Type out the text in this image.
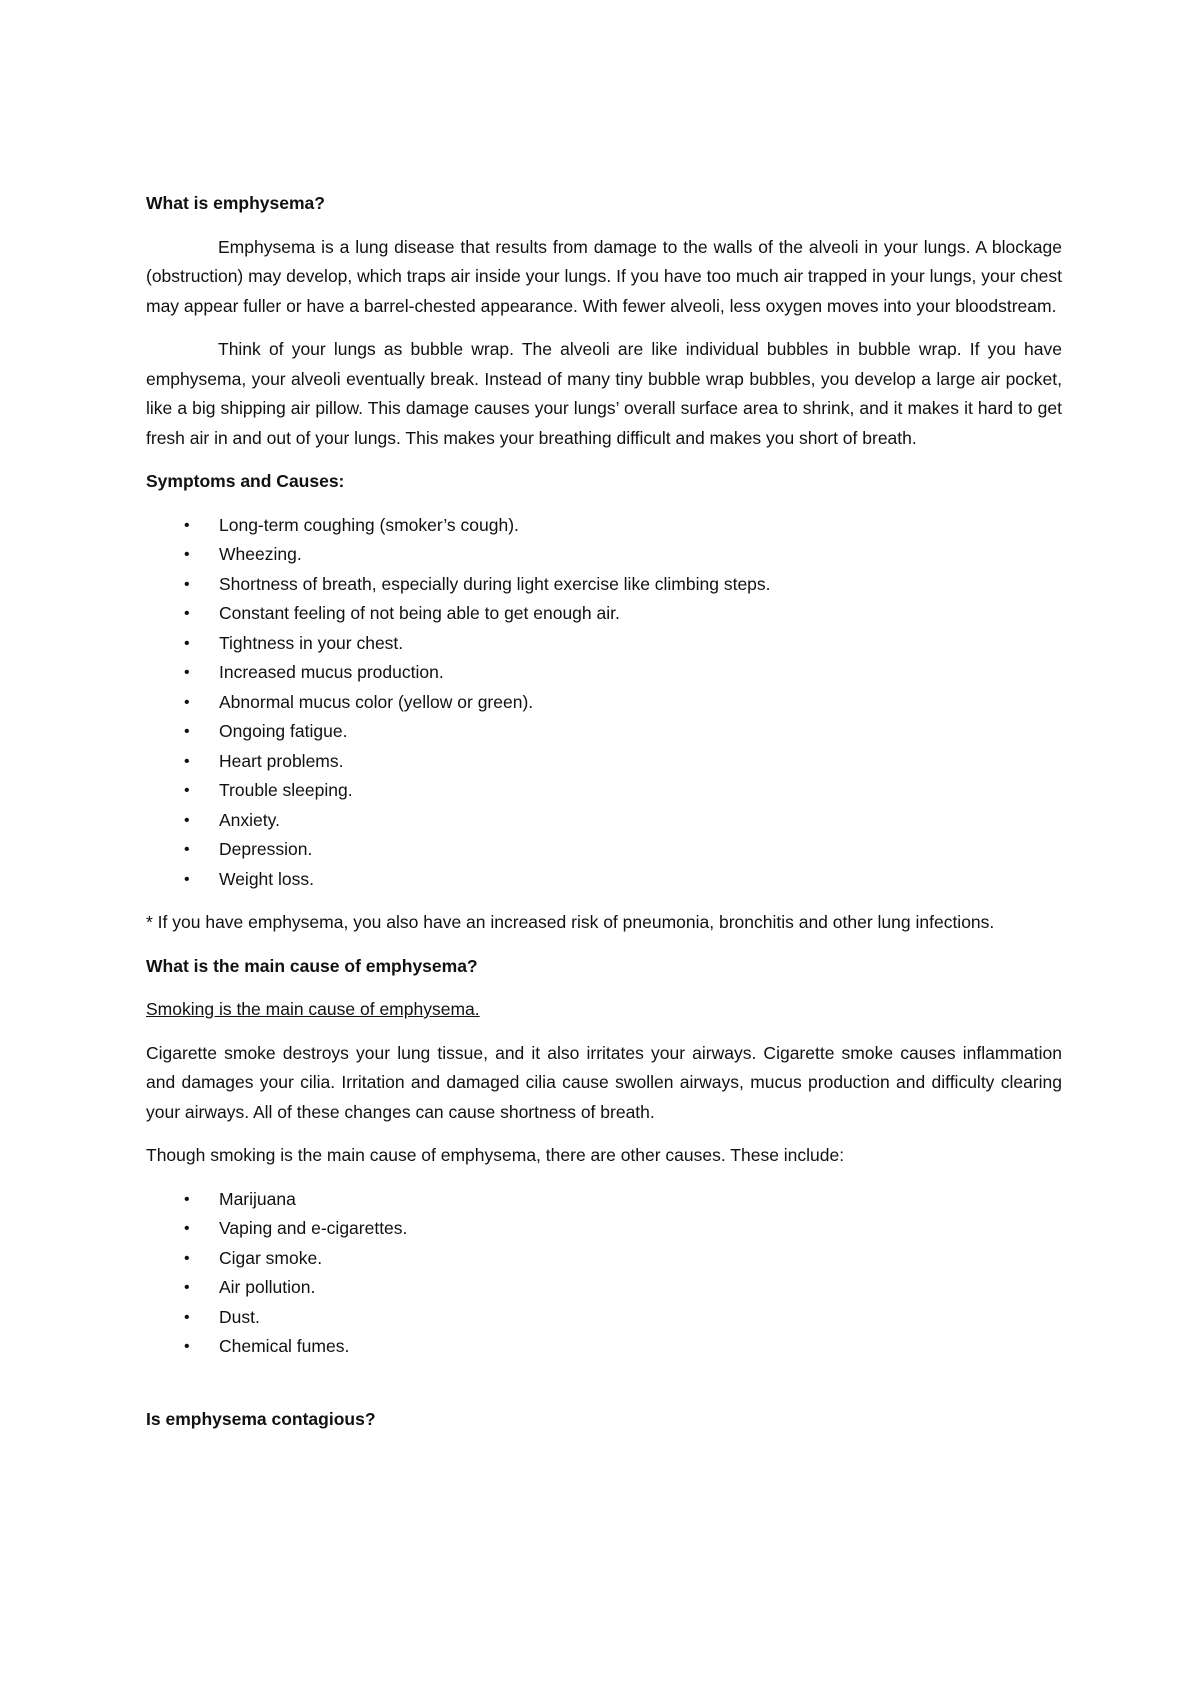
What is emphysema?

Emphysema is a lung disease that results from damage to the walls of the alveoli in your lungs. A blockage (obstruction) may develop, which traps air inside your lungs. If you have too much air trapped in your lungs, your chest may appear fuller or have a barrel-chested appearance. With fewer alveoli, less oxygen moves into your bloodstream.

Think of your lungs as bubble wrap. The alveoli are like individual bubbles in bubble wrap. If you have emphysema, your alveoli eventually break. Instead of many tiny bubble wrap bubbles, you develop a large air pocket, like a big shipping air pillow. This damage causes your lungs’ overall surface area to shrink, and it makes it hard to get fresh air in and out of your lungs. This makes your breathing difficult and makes you short of breath.

Symptoms and Causes:

• Long-term coughing (smoker’s cough).
• Wheezing.
• Shortness of breath, especially during light exercise like climbing steps.
• Constant feeling of not being able to get enough air.
• Tightness in your chest.
• Increased mucus production.
• Abnormal mucus color (yellow or green).
• Ongoing fatigue.
• Heart problems.
• Trouble sleeping.
• Anxiety.
• Depression.
• Weight loss.

* If you have emphysema, you also have an increased risk of pneumonia, bronchitis and other lung infections.

What is the main cause of emphysema?

Smoking is the main cause of emphysema.

Cigarette smoke destroys your lung tissue, and it also irritates your airways. Cigarette smoke causes inflammation and damages your cilia. Irritation and damaged cilia cause swollen airways, mucus production and difficulty clearing your airways. All of these changes can cause shortness of breath.

Though smoking is the main cause of emphysema, there are other causes. These include:

• Marijuana
• Vaping and e-cigarettes.
• Cigar smoke.
• Air pollution.
• Dust.
• Chemical fumes.

Is emphysema contagious?
